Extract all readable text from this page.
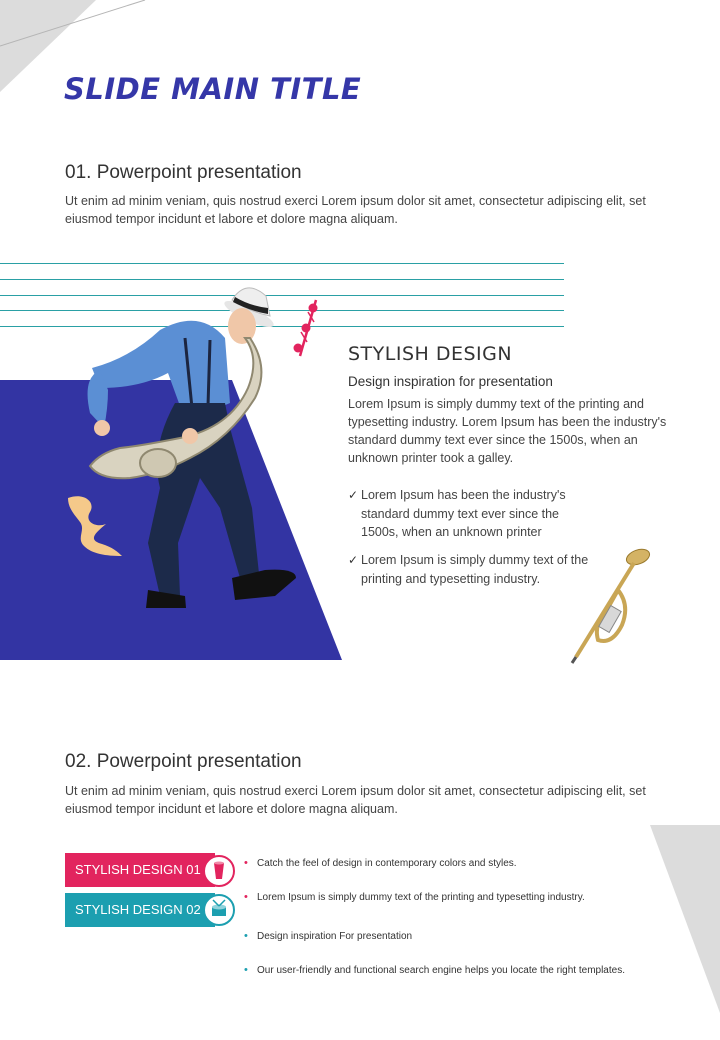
SLIDE MAIN TITLE
01. Powerpoint presentation
Ut enim ad minim veniam, quis nostrud exerci Lorem ipsum dolor sit amet, consectetur adipiscing elit, set eiusmod tempor incidunt et labore et dolore magna aliquam.
STYLISH DESIGN
Design inspiration for presentation
Lorem Ipsum is simply dummy text of the printing and typesetting industry. Lorem Ipsum has been the industry's standard dummy text ever since the 1500s, when an unknown printer took a galley.
✓ Lorem Ipsum has been the industry's standard dummy text ever since the 1500s, when an unknown printer
✓ Lorem Ipsum is simply dummy text of the printing and typesetting industry.
02. Powerpoint presentation
Ut enim ad minim veniam, quis nostrud exerci Lorem ipsum dolor sit amet, consectetur adipiscing elit, set eiusmod tempor incidunt et labore et dolore magna aliquam.
STYLISH DESIGN 01	• Catch the feel of design in contemporary colors and styles.
• Lorem Ipsum is simply dummy text of the printing and typesetting industry.
STYLISH DESIGN 02
• Design inspiration For presentation
• Our user-friendly and functional search engine helps you locate the right templates.
